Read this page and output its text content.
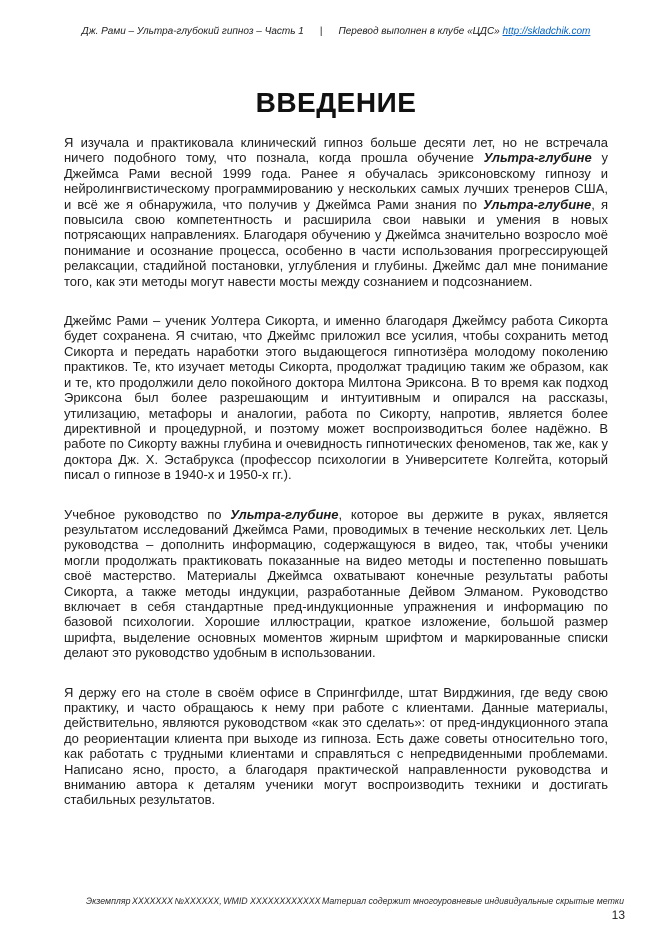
Дж. Рами – Ультра-глубокий гипноз – Часть 1 | Перевод выполнен в клубе «ЦДС» http://skladchik.com
ВВЕДЕНИЕ

Я изучала и практиковала клинический гипноз больше десяти лет, но не встречала ничего подобного тому, что познала, когда прошла обучение Ультра-глубине у Джеймса Рами весной 1999 года. Ранее я обучалась эриксоновскому гипнозу и нейролингвистическому программированию у нескольких самых лучших тренеров США, и всё же я обнаружила, что получив у Джеймса Рами знания по Ультра-глубине, я повысила свою компетентность и расширила свои навыки и умения в новых потрясающих направлениях. Благодаря обучению у Джеймса значительно возросло моё понимание и осознание процесса, особенно в части использования прогрессирующей релаксации, стадийной постановки, углубления и глубины. Джеймс дал мне понимание того, как эти методы могут навести мосты между сознанием и подсознанием.

Джеймс Рами – ученик Уолтера Сикорта, и именно благодаря Джеймсу работа Сикорта будет сохранена. Я считаю, что Джеймс приложил все усилия, чтобы сохранить метод Сикорта и передать наработки этого выдающегося гипнотизёра молодому поколению практиков. Те, кто изучает методы Сикорта, продолжат традицию таким же образом, как и те, кто продолжили дело покойного доктора Милтона Эриксона. В то время как подход Эриксона был более разрешающим и интуитивным и опирался на рассказы, утилизацию, метафоры и аналогии, работа по Сикорту, напротив, является более директивной и процедурной, и поэтому может воспроизводиться более надёжно. В работе по Сикорту важны глубина и очевидность гипнотических феноменов, так же, как у доктора Дж. Х. Эстабрукса (профессор психологии в Университете Колгейта, который писал о гипнозе в 1940-х и 1950-х гг.).

Учебное руководство по Ультра-глубине, которое вы держите в руках, является результатом исследований Джеймса Рами, проводимых в течение нескольких лет. Цель руководства – дополнить информацию, содержащуюся в видео, так, чтобы ученики могли продолжать практиковать показанные на видео методы и постепенно повышать своё мастерство. Материалы Джеймса охватывают конечные результаты работы Сикорта, а также методы индукции, разработанные Дейвом Элманом. Руководство включает в себя стандартные пред-индукционные упражнения и информацию по базовой психологии. Хорошие иллюстрации, краткое изложение, большой размер шрифта, выделение основных моментов жирным шрифтом и маркированные списки делают это руководство удобным в использовании.

Я держу его на столе в своём офисе в Спрингфилде, штат Вирджиния, где веду свою практику, и часто обращаюсь к нему при работе с клиентами. Данные материалы, действительно, являются руководством «как это сделать»: от пред-индукционного этапа до реориентации клиента при выходе из гипноза. Есть даже советы относительно того, как работать с трудными клиентами и справляться с непредвиденными проблемами. Написано ясно, просто, а благодаря практической направленности руководства и вниманию автора к деталям ученики могут воспроизводить техники и достигать стабильных результатов.

Экземпляр XXXXXXX №XXXXXX, WMID XXXXXXXXXXXX Материал содержит многоуровневые индивидуальные скрытые метки
13
